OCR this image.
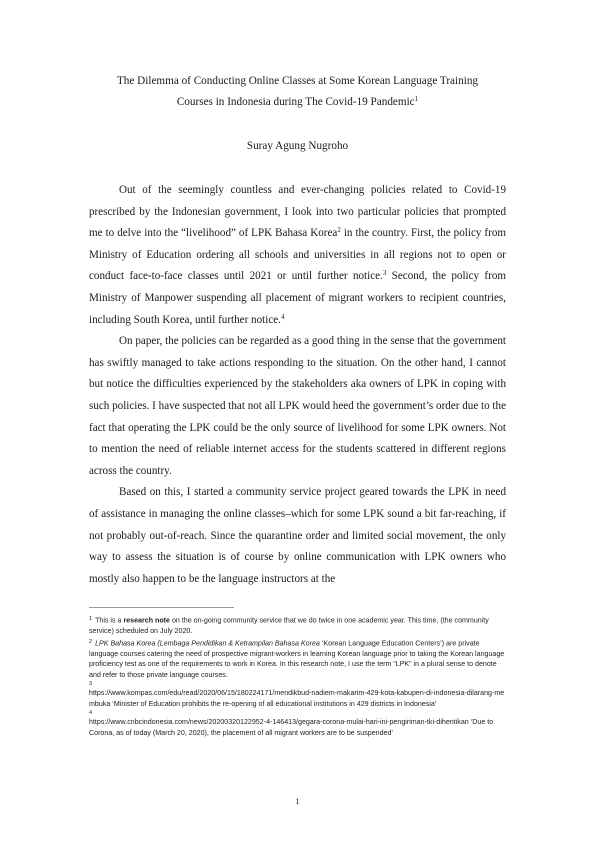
The Dilemma of Conducting Online Classes at Some Korean Language Training
Courses in Indonesia during The Covid-19 Pandemic$^1$
Suray Agung Nugroho

Out of the seemingly countless and ever-changing policies related to Covid-19 prescribed by the Indonesian government, I look into two particular policies that prompted me to delve into the “livelihood” of LPK Bahasa Korea$^2$ in the country. First, the policy from Ministry of Education ordering all schools and universities in all regions not to open or conduct face-to-face classes until 2021 or until further notice.$^3$ Second, the policy from Ministry of Manpower suspending all placement of migrant workers to recipient countries, including South Korea, until further notice.$^4$

On paper, the policies can be regarded as a good thing in the sense that the government has swiftly managed to take actions responding to the situation. On the other hand, I cannot but notice the difficulties experienced by the stakeholders aka owners of LPK in coping with such policies. I have suspected that not all LPK would heed the government’s order due to the fact that operating the LPK could be the only source of livelihood for some LPK owners. Not to mention the need of reliable internet access for the students scattered in different regions across the country.

Based on this, I started a community service project geared towards the LPK in need of assistance in managing the online classes–which for some LPK sound a bit far-reaching, if not probably out-of-reach. Since the quarantine order and limited social movement, the only way to assess the situation is of course by online communication with LPK owners who mostly also happen to be the language instructors at the

$^1$ This is a research note on the on-going community service that we do twice in one academic year. This time, (the community service) scheduled on July 2020.

$^2$ LPK Bahasa Korea (Lembaga Pendidikan & Ketrampilan Bahasa Korea ‘Korean Language Education Centers’) are private language courses catering the need of prospective migrant-workers in learning Korean language prior to taking the Korean language proficiency test as one of the requirements to work in Korea. In this research note, I use the term “LPK” in a plural sense to denote and refer to those private language courses.

3
https://www.kompas.com/edu/read/2020/06/15/180224171/mendikbud-nadiem-makarim-429-kota-kabupen-di-indonesia-dilarang-membuka ‘Minister of Education prohibits the re-opening of all educational institutions in 429 districts in Indonesia’

4
https://www.cnbcindonesia.com/news/20200320122952-4-146413/gegara-corona-mulai-hari-ini-pengiriman-tki-dihentikan ‘Due to Corona, as of today (March 20, 2020), the placement of all migrant workers are to be suspended’

1
